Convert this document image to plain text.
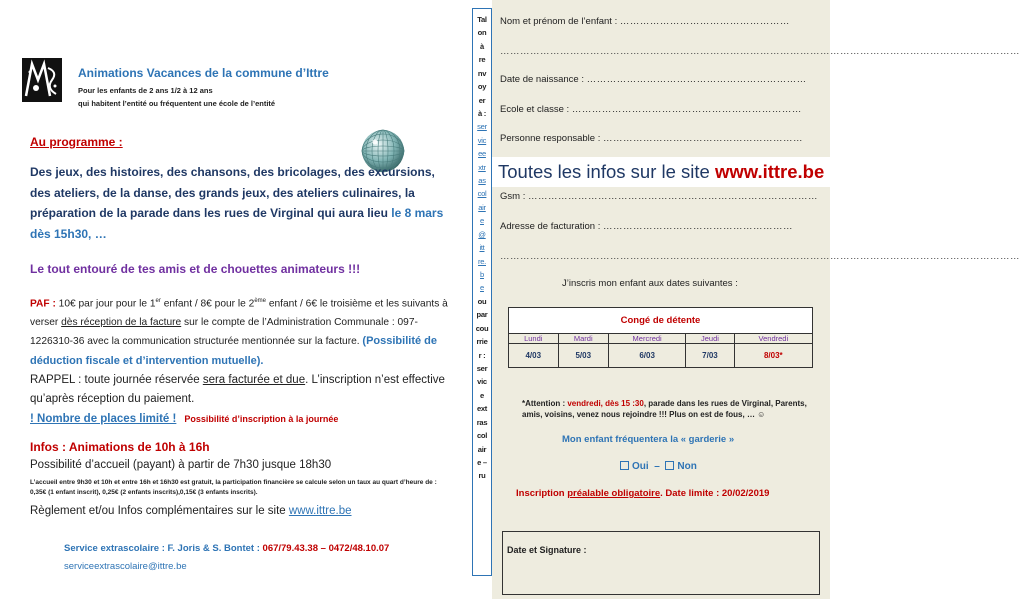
Animations Vacances de la commune d’Ittre
Pour les enfants de 2 ans 1/2 à 12 ans
qui habitent l’entité ou fréquentent une école de l’entité
Au programme :
Des jeux, des histoires, des chansons, des bricolages, des excursions, des ateliers, de la danse, des grands jeux, des ateliers culinaires, la préparation de la parade dans les rues de Virginal qui aura lieu le 8 mars dès 15h30, …
Le tout entouré de tes amis et de chouettes animateurs !!!
PAF : 10€ par jour pour le 1er enfant / 8€ pour le 2ème enfant / 6€ le troisième et les suivants à verser dès réception de la facture sur le compte de l’Administration Communale : 097-1226310-36 avec la communication structurée mentionnée sur la facture. (Possibilité de déduction fiscale et d’intervention mutuelle).
RAPPEL : toute journée réservée sera facturée et due. L’inscription n’est effective qu’après réception du paiement.
! Nombre de places limité ! Possibilité d’inscription à la journée
Infos : Animations de 10h à 16h
Possibilité d’accueil (payant) à partir de 7h30 jusque 18h30
L’accueil entre 9h30 et 10h et entre 16h et 16h30 est gratuit, la participation financière se calcule selon un taux au quart d’heure de : 0,35€ (1 enfant inscrit), 0,25€ (2 enfants inscrits),0,15€ (3 enfants inscrits).
Règlement et/ou Infos complémentaires sur le site www.ittre.be
Service extrascolaire : F. Joris & S. Bontet : 067/79.43.38 – 0472/48.10.07
serviceextrascolaire@ittre.be
Tal
on
à
re
nv
oy
er
à :
ser
vic
ee
xtr
as
col
air
e
@
itt
re.
b
e
ou
par
cou
rrie
r :
ser
vic
e
ext
ras
col
air
e –
ru
Nom et prénom de l’enfant : ……………………………………………
…………………………………………………………………………………………………………………………………………
Date de naissance : …………………………………………………………
Ecole et classe : ……………………………………………………………
Personne responsable : ……………………………………………………
Gsm : ……………………………………………………………………………
Adresse de facturation : …………………………………………………
…………………………………………………………………………………………………………………………………………
J’inscris mon enfant aux dates suivantes :
Congé de détente				
Lundi	Mardi	Mercredi	Jeudi	Vendredi
4/03	5/03	6/03	7/03	8/03*
*Attention : vendredi, dès 15 :30, parade dans les rues de Virginal, Parents, amis, voisins, venez nous rejoindre !!! Plus on est de fous, … ☺
Mon enfant fréquentera la « garderie »
Oui  –  Non
Inscription préalable obligatoire. Date limite : 20/02/2019
Date et Signature :
Toutes les infos sur le site www.ittre.be
